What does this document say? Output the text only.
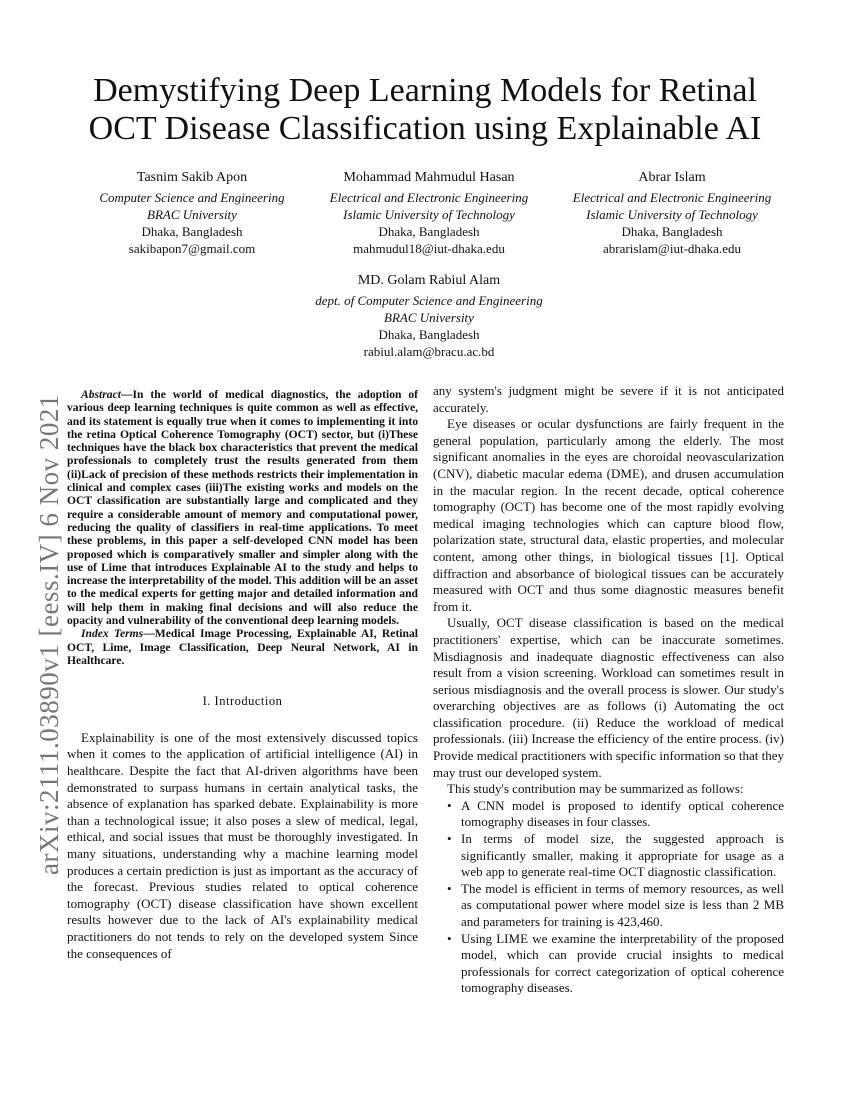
Demystifying Deep Learning Models for Retinal OCT Disease Classification using Explainable AI
Tasnim Sakib Apon
Computer Science and Engineering
BRAC University
Dhaka, Bangladesh
sakibapon7@gmail.com
Mohammad Mahmudul Hasan
Electrical and Electronic Engineering
Islamic University of Technology
Dhaka, Bangladesh
mahmudul18@iut-dhaka.edu
Abrar Islam
Electrical and Electronic Engineering
Islamic University of Technology
Dhaka, Bangladesh
abrarislam@iut-dhaka.edu
MD. Golam Rabiul Alam
dept. of Computer Science and Engineering
BRAC University
Dhaka, Bangladesh
rabiul.alam@bracu.ac.bd
arXiv:2111.03890v1 [eess.IV] 6 Nov 2021	Abstract—In the world of medical diagnostics, the adoption of various deep learning techniques is quite common as well as effective, and its statement is equally true when it comes to implementing it into the retina Optical Coherence Tomography (OCT) sector, but (i)These techniques have the black box characteristics that prevent the medical professionals to completely trust the results generated from them (ii)Lack of precision of these methods restricts their implementation in clinical and complex cases (iii)The existing works and models on the OCT classification are substantially large and complicated and they require a considerable amount of memory and computational power, reducing the quality of classifiers in real-time applications. To meet these problems, in this paper a self-developed CNN model has been proposed which is comparatively smaller and simpler along with the use of Lime that introduces Explainable AI to the study and helps to increase the interpretability of the model. This addition will be an asset to the medical experts for getting major and detailed information and will help them in making final decisions and will also reduce the opacity and vulnerability of the conventional deep learning models.

Index Terms—Medical Image Processing, Explainable AI, Retinal OCT, Lime, Image Classification, Deep Neural Network, AI in Healthcare.

I. Introduction

Explainability is one of the most extensively discussed topics when it comes to the application of artificial intelligence (AI) in healthcare. Despite the fact that AI-driven algorithms have been demonstrated to surpass humans in certain analytical tasks, the absence of explanation has sparked debate. Explainability is more than a technological issue; it also poses a slew of medical, legal, ethical, and social issues that must be thoroughly investigated. In many situations, understanding why a machine learning model produces a certain prediction is just as important as the accuracy of the forecast. Previous studies related to optical coherence tomography (OCT) disease classification have shown excellent results however due to the lack of AI's explainability medical practitioners do not tends to rely on the developed system Since the consequences of

any system's judgment might be severe if it is not anticipated accurately.

Eye diseases or ocular dysfunctions are fairly frequent in the general population, particularly among the elderly. The most significant anomalies in the eyes are choroidal neovascularization (CNV), diabetic macular edema (DME), and drusen accumulation in the macular region. In the recent decade, optical coherence tomography (OCT) has become one of the most rapidly evolving medical imaging technologies which can capture blood flow, polarization state, structural data, elastic properties, and molecular content, among other things, in biological tissues [1]. Optical diffraction and absorbance of biological tissues can be accurately measured with OCT and thus some diagnostic measures benefit from it.

Usually, OCT disease classification is based on the medical practitioners' expertise, which can be inaccurate sometimes. Misdiagnosis and inadequate diagnostic effectiveness can also result from a vision screening. Workload can sometimes result in serious misdiagnosis and the overall process is slower. Our study's overarching objectives are as follows (i) Automating the oct classification procedure. (ii) Reduce the workload of medical professionals. (iii) Increase the efficiency of the entire process. (iv) Provide medical practitioners with specific information so that they may trust our developed system.

This study's contribution may be summarized as follows:

• A CNN model is proposed to identify optical coherence tomography diseases in four classes.
• In terms of model size, the suggested approach is significantly smaller, making it appropriate for usage as a web app to generate real-time OCT diagnostic classification.
• The model is efficient in terms of memory resources, as well as computational power where model size is less than 2 MB and parameters for training is 423,460.
• Using LIME we examine the interpretability of the proposed model, which can provide crucial insights to medical professionals for correct categorization of optical coherence tomography diseases.
